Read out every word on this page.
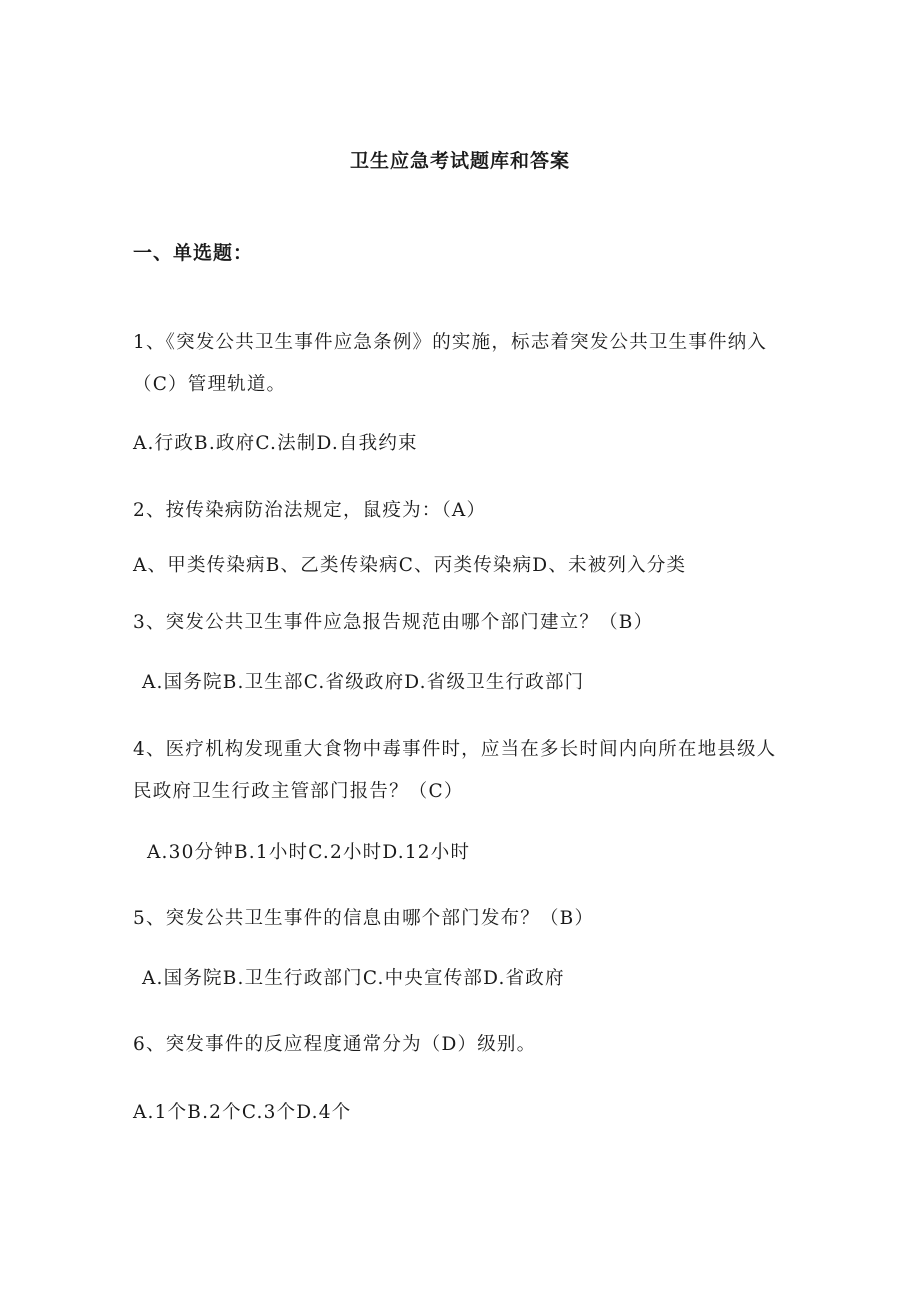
卫生应急考试题库和答案
一、单选题：
1、《突发公共卫生事件应急条例》的实施，标志着突发公共卫生事件纳入
（C）管理轨道。
A.行政B.政府C.法制D.自我约束
2、按传染病防治法规定，鼠疫为：（A）
A、甲类传染病B、乙类传染病C、丙类传染病D、未被列入分类
3、突发公共卫生事件应急报告规范由哪个部门建立？（B）
A.国务院B.卫生部C.省级政府D.省级卫生行政部门
4、医疗机构发现重大食物中毒事件时，应当在多长时间内向所在地县级人
民政府卫生行政主管部门报告？（C）
A.30分钟B.1小时C.2小时D.12小时
5、突发公共卫生事件的信息由哪个部门发布？（B）
A.国务院B.卫生行政部门C.中央宣传部D.省政府
6、突发事件的反应程度通常分为（D）级别。
A.1个B.2个C.3个D.4个
